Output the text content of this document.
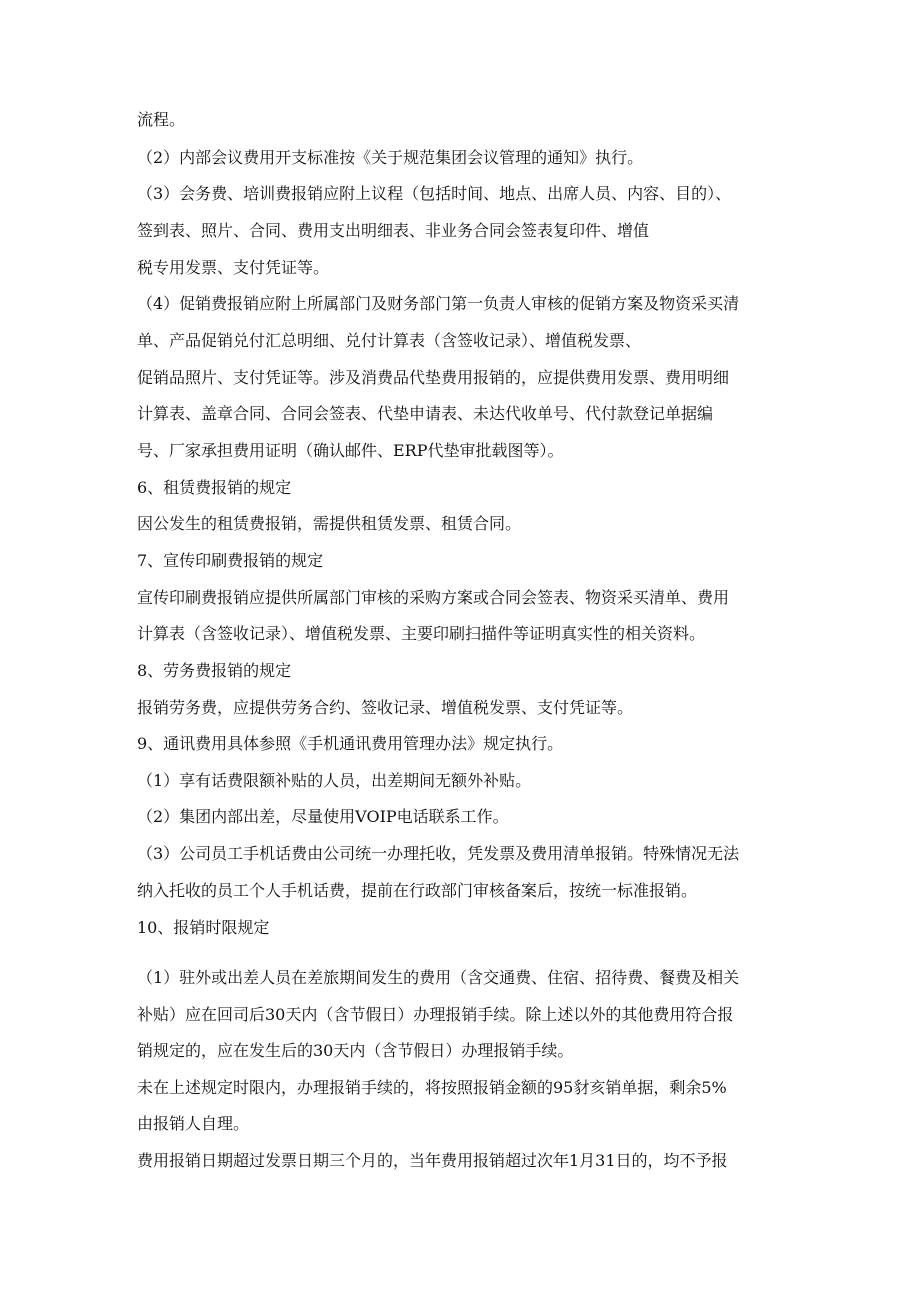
流程。
（2）内部会议费用开支标准按《关于规范集团会议管理的通知》执行。
（3）会务费、培训费报销应附上议程（包括时间、地点、出席人员、内容、目的）、
签到表、照片、合同、费用支出明细表、非业务合同会签表复印件、增值
税专用发票、支付凭证等。
（4）促销费报销应附上所属部门及财务部门第一负责人审核的促销方案及物资采买清
单、产品促销兑付汇总明细、兑付计算表（含签收记录）、增值税发票、
促销品照片、支付凭证等。涉及消费品代垫费用报销的，应提供费用发票、费用明细
计算表、盖章合同、合同会签表、代垫申请表、未达代收单号、代付款登记单据编
号、厂家承担费用证明（确认邮件、ERP代垫审批载图等）。
6、租赁费报销的规定
因公发生的租赁费报销，需提供租赁发票、租赁合同。
7、宣传印刷费报销的规定
宣传印刷费报销应提供所属部门审核的采购方案或合同会签表、物资采买清单、费用
计算表（含签收记录）、增值税发票、主要印刷扫描件等证明真实性的相关资料。
8、劳务费报销的规定
报销劳务费，应提供劳务合约、签收记录、增值税发票、支付凭证等。
9、通讯费用具体参照《手机通讯费用管理办法》规定执行。
（1）享有话费限额补贴的人员，出差期间无额外补贴。
（2）集团内部出差，尽量使用VOIP电话联系工作。
（3）公司员工手机话费由公司统一办理托收，凭发票及费用清单报销。特殊情况无法
纳入托收的员工个人手机话费，提前在行政部门审核备案后，按统一标准报销。
10、报销时限规定
（1）驻外或出差人员在差旅期间发生的费用（含交通费、住宿、招待费、餐费及相关
补贴）应在回司后30天内（含节假日）办理报销手续。除上述以外的其他费用符合报
销规定的，应在发生后的30天内（含节假日）办理报销手续。
未在上述规定时限内，办理报销手续的，将按照报销金额的95豺亥销单据，剩余5%
由报销人自理。
费用报销日期超过发票日期三个月的，当年费用报销超过次年1月31日的，均不予报
